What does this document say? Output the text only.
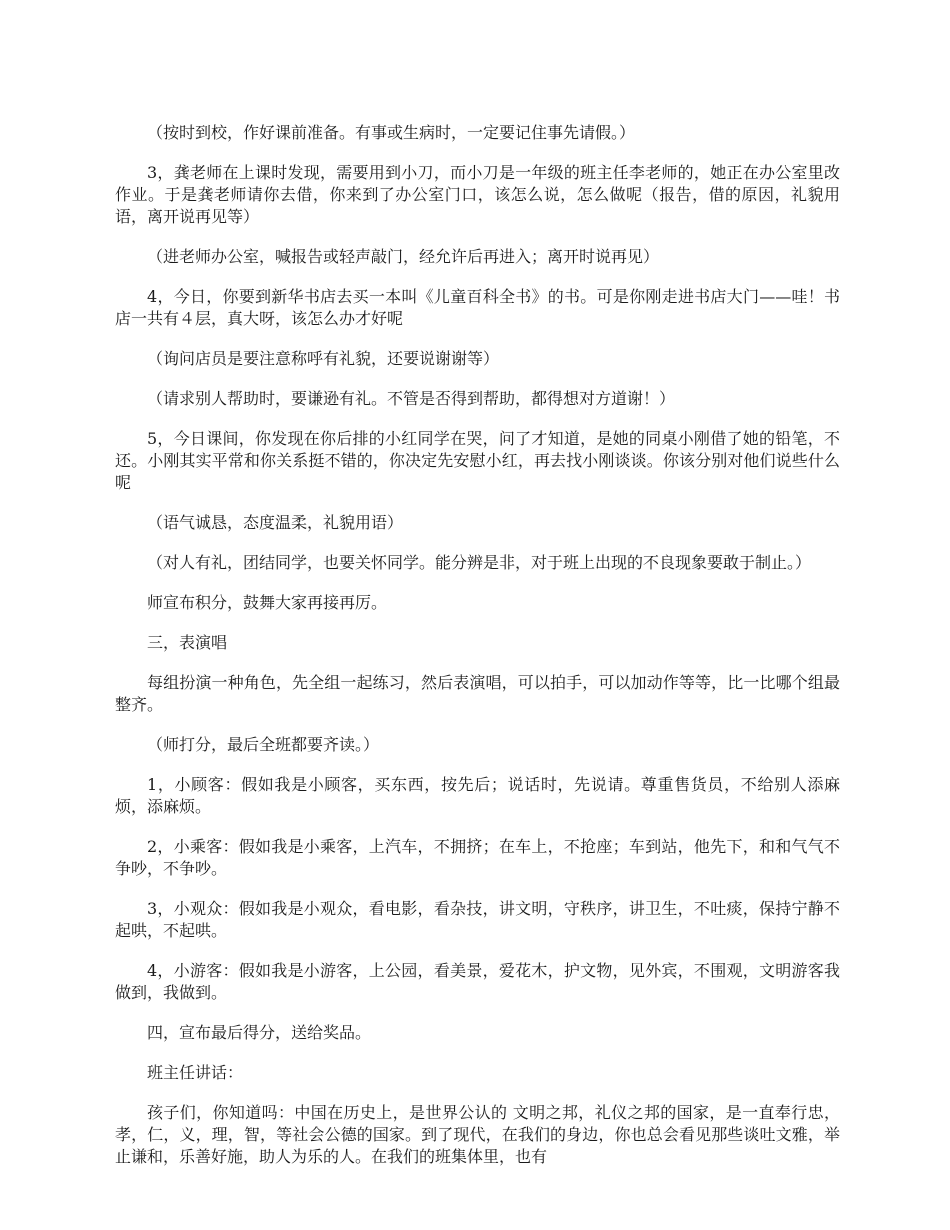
（按时到校，作好课前准备。有事或生病时，一定要记住事先请假。）

3，龚老师在上课时发现，需要用到小刀，而小刀是一年级的班主任李老师的，她正在办公室里改作业。于是龚老师请你去借，你来到了办公室门口，该怎么说，怎么做呢（报告，借的原因，礼貌用语，离开说再见等）

（进老师办公室，喊报告或轻声敲门，经允许后再进入；离开时说再见）

4，今日，你要到新华书店去买一本叫《儿童百科全书》的书。可是你刚走进书店大门——哇！书店一共有４层，真大呀，该怎么办才好呢

（询问店员是要注意称呼有礼貌，还要说谢谢等）

（请求别人帮助时，要谦逊有礼。不管是否得到帮助，都得想对方道谢！）

5，今日课间，你发现在你后排的小红同学在哭，问了才知道，是她的同桌小刚借了她的铅笔，不还。小刚其实平常和你关系挺不错的，你决定先安慰小红，再去找小刚谈谈。你该分别对他们说些什么呢

（语气诚恳，态度温柔，礼貌用语）

（对人有礼，团结同学，也要关怀同学。能分辨是非，对于班上出现的不良现象要敢于制止。）

师宣布积分，鼓舞大家再接再厉。

三，表演唱

每组扮演一种角色，先全组一起练习，然后表演唱，可以拍手，可以加动作等等，比一比哪个组最整齐。

（师打分，最后全班都要齐读。）

1，小顾客：假如我是小顾客，买东西，按先后；说话时，先说请。尊重售货员，不给别人添麻烦，添麻烦。

2，小乘客：假如我是小乘客，上汽车，不拥挤；在车上，不抢座；车到站，他先下，和和气气不争吵，不争吵。

3，小观众：假如我是小观众，看电影，看杂技，讲文明，守秩序，讲卫生，不吐痰，保持宁静不起哄，不起哄。

4，小游客：假如我是小游客，上公园，看美景，爱花木，护文物，见外宾，不围观，文明游客我做到，我做到。

四，宣布最后得分，送给奖品。

班主任讲话：

孩子们，你知道吗：中国在历史上，是世界公认的 文明之邦，礼仪之邦的国家，是一直奉行忠，孝，仁，义，理，智，等社会公德的国家。到了现代，在我们的身边，你也总会看见那些谈吐文雅，举止谦和，乐善好施，助人为乐的人。在我们的班集体里，也有
